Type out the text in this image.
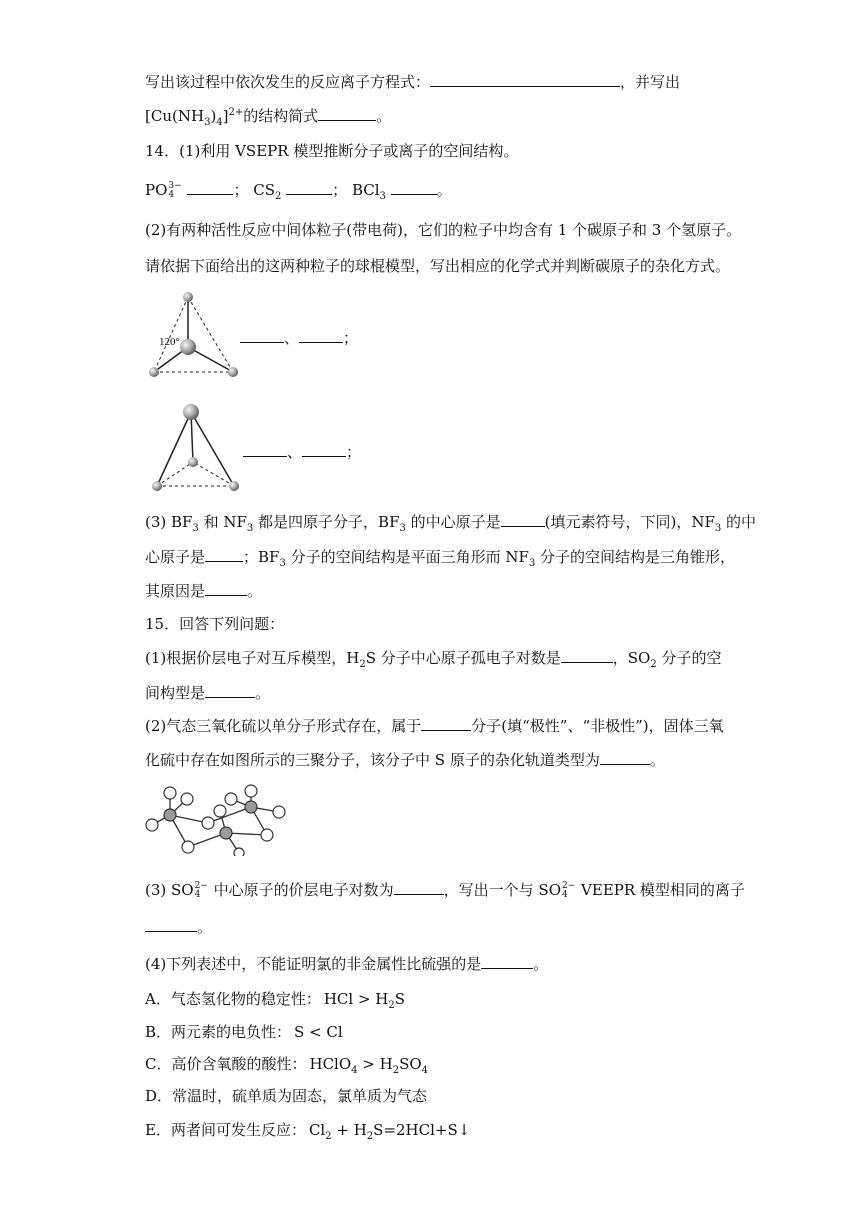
写出该过程中依次发生的反应离子方程式：	，并写出
$[Cu(NH_3)_4]^{2+}$的结构简式	。
14．(1)利用 VSEPR 模型推断分子或离子的空间结构。
PO 3−
4	； $CS_2$	； BCl$_3$	。
(2)有两种活性反应中间体粒子(带电荷)，它们的粒子中均含有 1 个碳原子和 3 个氢原子。
请依据下面给出的这两种粒子的球棍模型，写出相应的化学式并判断碳原子的杂化方式。
120°	、	；
、	；
(3) $BF_3$ 和 $NF_3$ 都是四原子分子，$BF_3$ 的中心原子是	(填元素符号，下同)，$NF_3$ 的中
心原子是	；$BF_3$ 分子的空间结构是平面三角形而 $NF_3$ 分子的空间结构是三角锥形，
其原因是	。
15．回答下列问题：
(1)根据价层电子对互斥模型，$H_2S$ 分子中心原子孤电子对数是	，$SO_2$ 分子的空
间构型是	。
(2)气态三氧化硫以单分子形式存在，属于	分子(填“极性”、“非极性”)，固体三氧
化硫中存在如图所示的三聚分子，该分子中 S 原子的杂化轨道类型为	。
(3) SO 2−
4 中心原子的价层电子对数为	，写出一个与 SO 2−
4 VEEPR 模型相同的离子
。
(4)下列表述中，不能证明氯的非金属性比硫强的是	。
A．气态氢化物的稳定性： HCl > $H_2S$
B．两元素的电负性： S < Cl
C．高价含氧酸的酸性： HClO$_4$ > $H_2SO_4$
D．常温时，硫单质为固态，氯单质为气态
E．两者间可发生反应： $Cl_2$ + $H_2S=2HCl+S↓$
